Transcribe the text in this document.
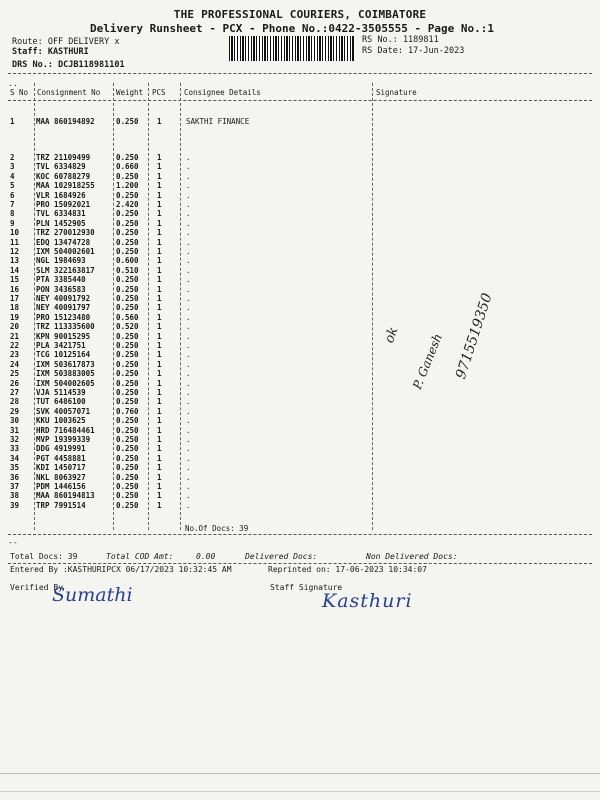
THE PROFESSIONAL COURIERS, COIMBATORE
Delivery Runsheet - PCX - Phone No.:0422-3505555 - Page No.:1
Route: OFF DELIVERY x
Staff: KASTHURI
DRS No.: DCJB118981101
RS No.: 1189811
RS Date: 17-Jun-2023
..
S No Consignment No Weight PCS Consignee Details	Signature
1	MAA 860194892	0.250 1	SAKTHI FINANCE
2	TRZ 21109499	0.250 1	.
3	TVL 6334829	0.660 1	.
4	KOC 60788279	0.250 1	.
5	MAA 102918255	1.200 1	.
6	VLR 1684926	0.250 1	.
7	PRO 15092021	2.420 1	.
8	TVL 6334831	0.250 1	.
9	PLN 1452905	0.250 1	.
10 TRZ 270012930	0.250 1	.
11 EDQ 13474728	0.250 1	.
12 IXM 504002601	0.250 1	.
13 NGL 1984693	0.600 1	.
14 SLM 322163817	0.510 1	.
15 PTA 3385440	0.250 1	.
16 PON 3436583	0.250 1	.
17 NEY 40091792	0.250 1	.
18 NEY 40091797	0.250 1	.
19 PRO 15123480	0.560 1	.
20 TRZ 113335600	0.520 1	.
21 KPN 90015295	0.250 1	.
22 PLA 3421751	0.250 1	.
23 TCG 10125164	0.250 1	.
24 IXM 503617873	0.250 1	.
25 IXM 503883005	0.250 1	.
26 IXM 504002605	0.250 1	.
27 VJA 5114539	0.250 1	.
28 TUT 6486100	0.250 1	.
29 SVK 40057071	0.760 1	.
30 KKU 1003625	0.250 1	.
31 HRD 716484461	0.250 1	.
32 MVP 19399339	0.250 1	.
33 DDG 4919991	0.250 1	.
34 PGT 4458881	0.250 1	.
35 KDI 1450717	0.250 1	.
36 NKL 8063927	0.250 1	.
37 PDM 1446156	0.250 1	.
38 MAA 860194813	0.250 1	.
39 TRP 7991514	0.250 1	.
No.Of Docs: 39
--
Total Docs: 39	Total COD Amt:	0.00	Delivered Docs:	Non Delivered Docs:
Entered By :KASTHURIPCX 06/17/2023 10:32:45 AM	Reprinted on: 17-06-2023 10:34:07
Verified By	Staff Signature
Sumathi	Kasthuri
ok P. Ganesh 9715519350
